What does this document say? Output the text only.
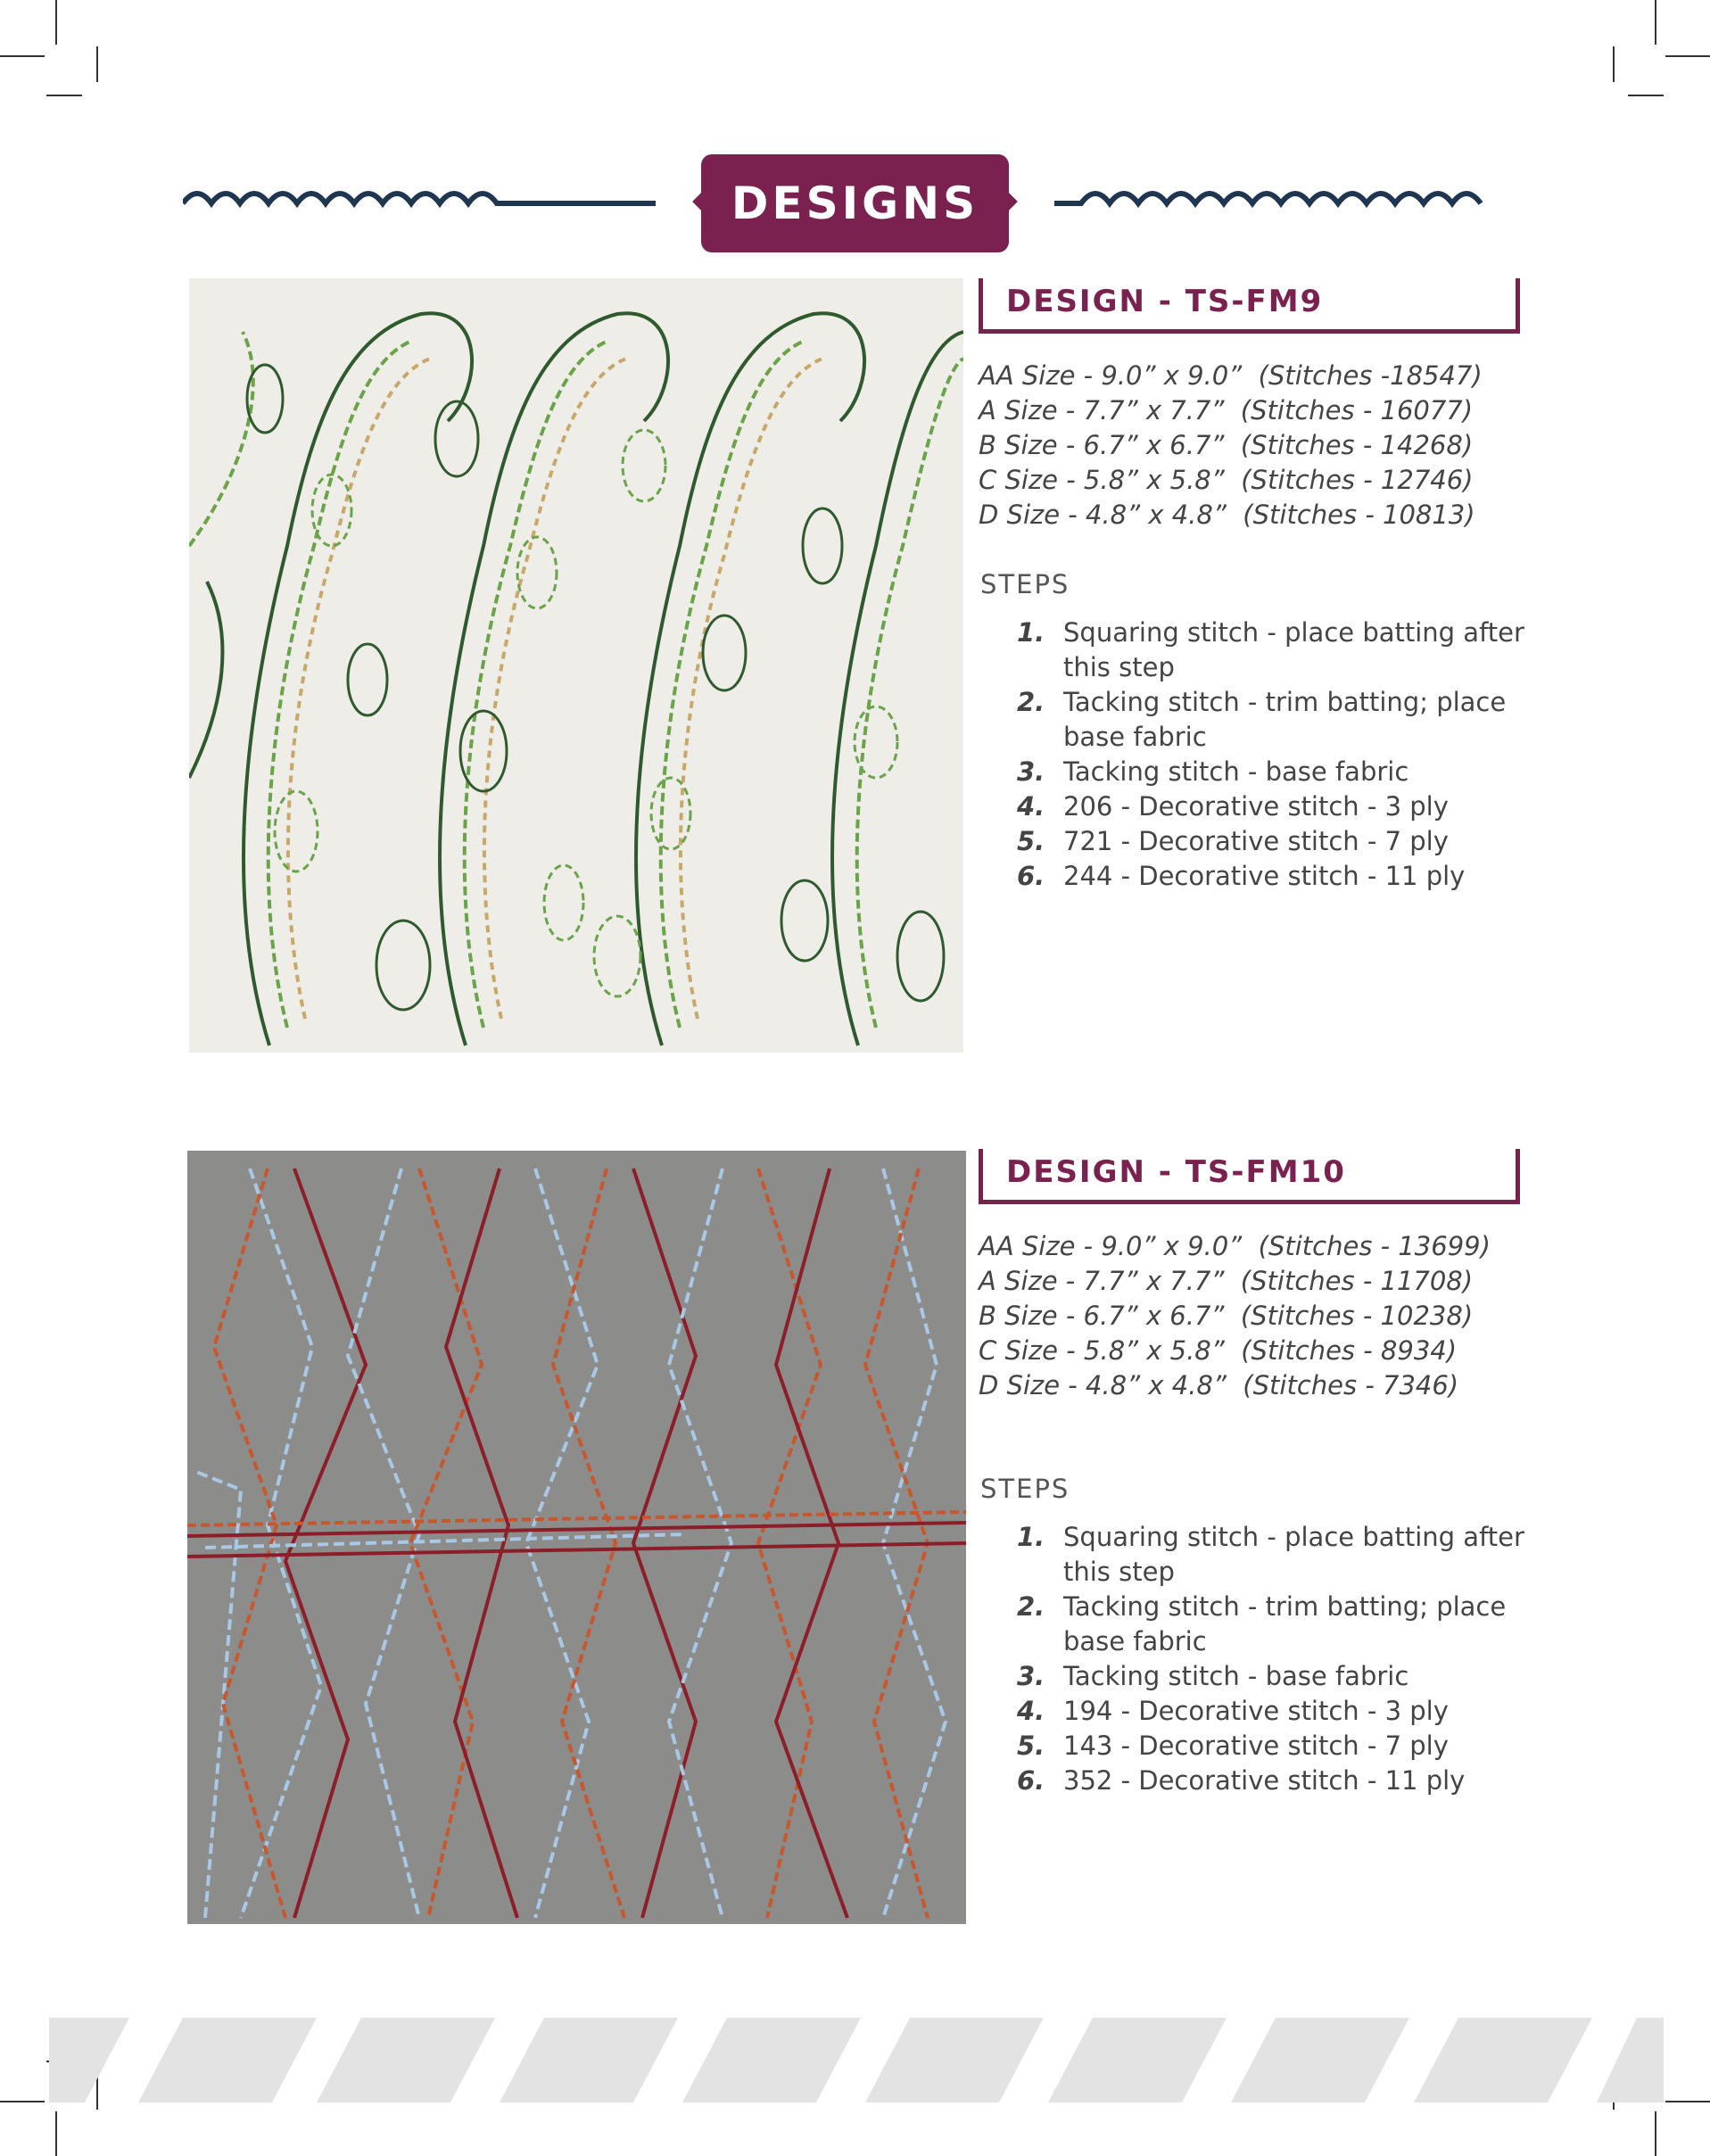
DESIGNS
DESIGN - TS-FM9
AA Size - 9.0” x 9.0”  (Stitches -18547)
A Size - 7.7” x 7.7”  (Stitches - 16077)
B Size - 6.7” x 6.7”  (Stitches - 14268)
C Size - 5.8” x 5.8”  (Stitches - 12746)
D Size - 4.8” x 4.8”  (Stitches - 10813)
STEPS
1. Squaring stitch - place batting after this step
2. Tacking stitch - trim batting; place base fabric
3. Tacking stitch - base fabric
4. 206 - Decorative stitch - 3 ply
5. 721 - Decorative stitch - 7 ply
6. 244 - Decorative stitch - 11 ply
DESIGN - TS-FM10
AA Size - 9.0” x 9.0”  (Stitches - 13699)
A Size - 7.7” x 7.7”  (Stitches - 11708)
B Size - 6.7” x 6.7”  (Stitches - 10238)
C Size - 5.8” x 5.8”  (Stitches - 8934)
D Size - 4.8” x 4.8”  (Stitches - 7346)
STEPS
1. Squaring stitch - place batting after this step
2. Tacking stitch - trim batting; place base fabric
3. Tacking stitch - base fabric
4. 194 - Decorative stitch - 3 ply
5. 143 - Decorative stitch - 7 ply
6. 352 - Decorative stitch - 11 ply
